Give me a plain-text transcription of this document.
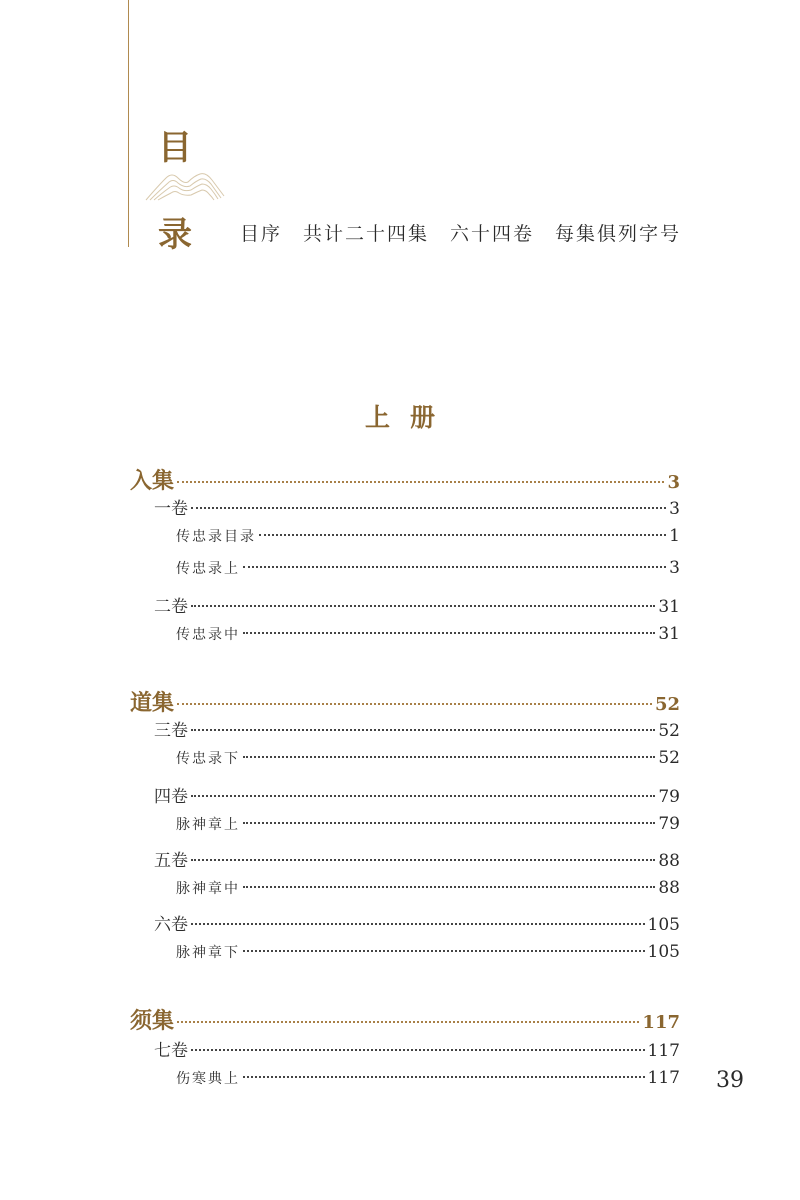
目
录	目序　共计二十四集　六十四卷　每集俱列字号
上册
入集	3
一卷	3
传忠录目录	1
传忠录上	3
二卷	31
传忠录中	31
道集	52
三卷	52
传忠录下	52
四卷	79
脉神章上	79
五卷	88
脉神章中	88
六卷	105
脉神章下	105
须集	117
七卷	117
伤寒典上	117 39
